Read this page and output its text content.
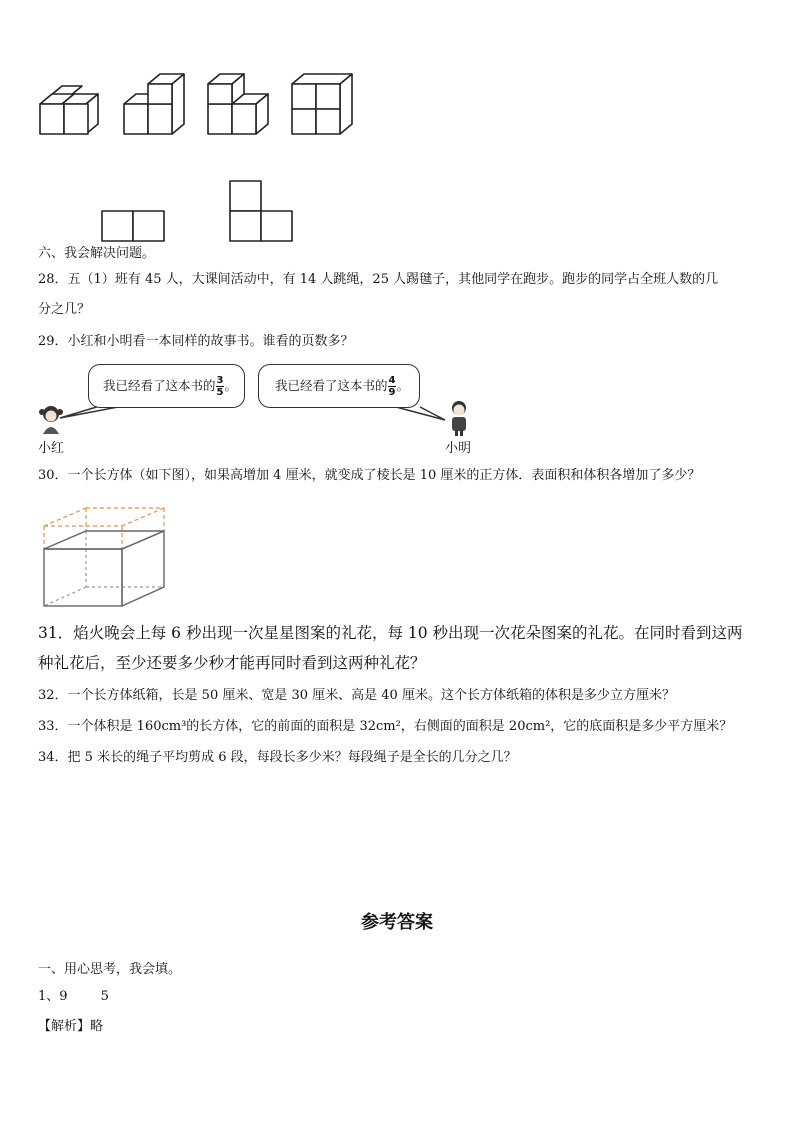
六、我会解决问题。
28．五（1）班有 45 人，大课间活动中，有 14 人跳绳，25 人踢毽子，其他同学在跑步。跑步的同学占全班人数的几
分之几？
29．小红和小明看一本同样的故事书。谁看的页数多？
我已经看了这本书的 $\frac{3}{5}$ 。	我已经看了这本书的 $\frac{4}{9}$ 。
小红	小明
30．一个长方体（如下图），如果高增加 4 厘米，就变成了棱长是 10 厘米的正方体．表面积和体积各增加了多少？
31．焰火晚会上每 6 秒出现一次星星图案的礼花，每 10 秒出现一次花朵图案的礼花。在同时看到这两
种礼花后，至少还要多少秒才能再同时看到这两种礼花？
32．一个长方体纸箱，长是 50 厘米、宽是 30 厘米、高是 40 厘米。这个长方体纸箱的体积是多少立方厘米？
33．一个体积是 160cm³的长方体，它的前面的面积是 32cm²，右侧面的面积是 20cm²，它的底面积是多少平方厘米？
34．把 5 米长的绳子平均剪成 6 段，每段长多少米？每段绳子是全长的几分之几？
参考答案
一、用心思考，我会填。
1、9        5
【解析】略
